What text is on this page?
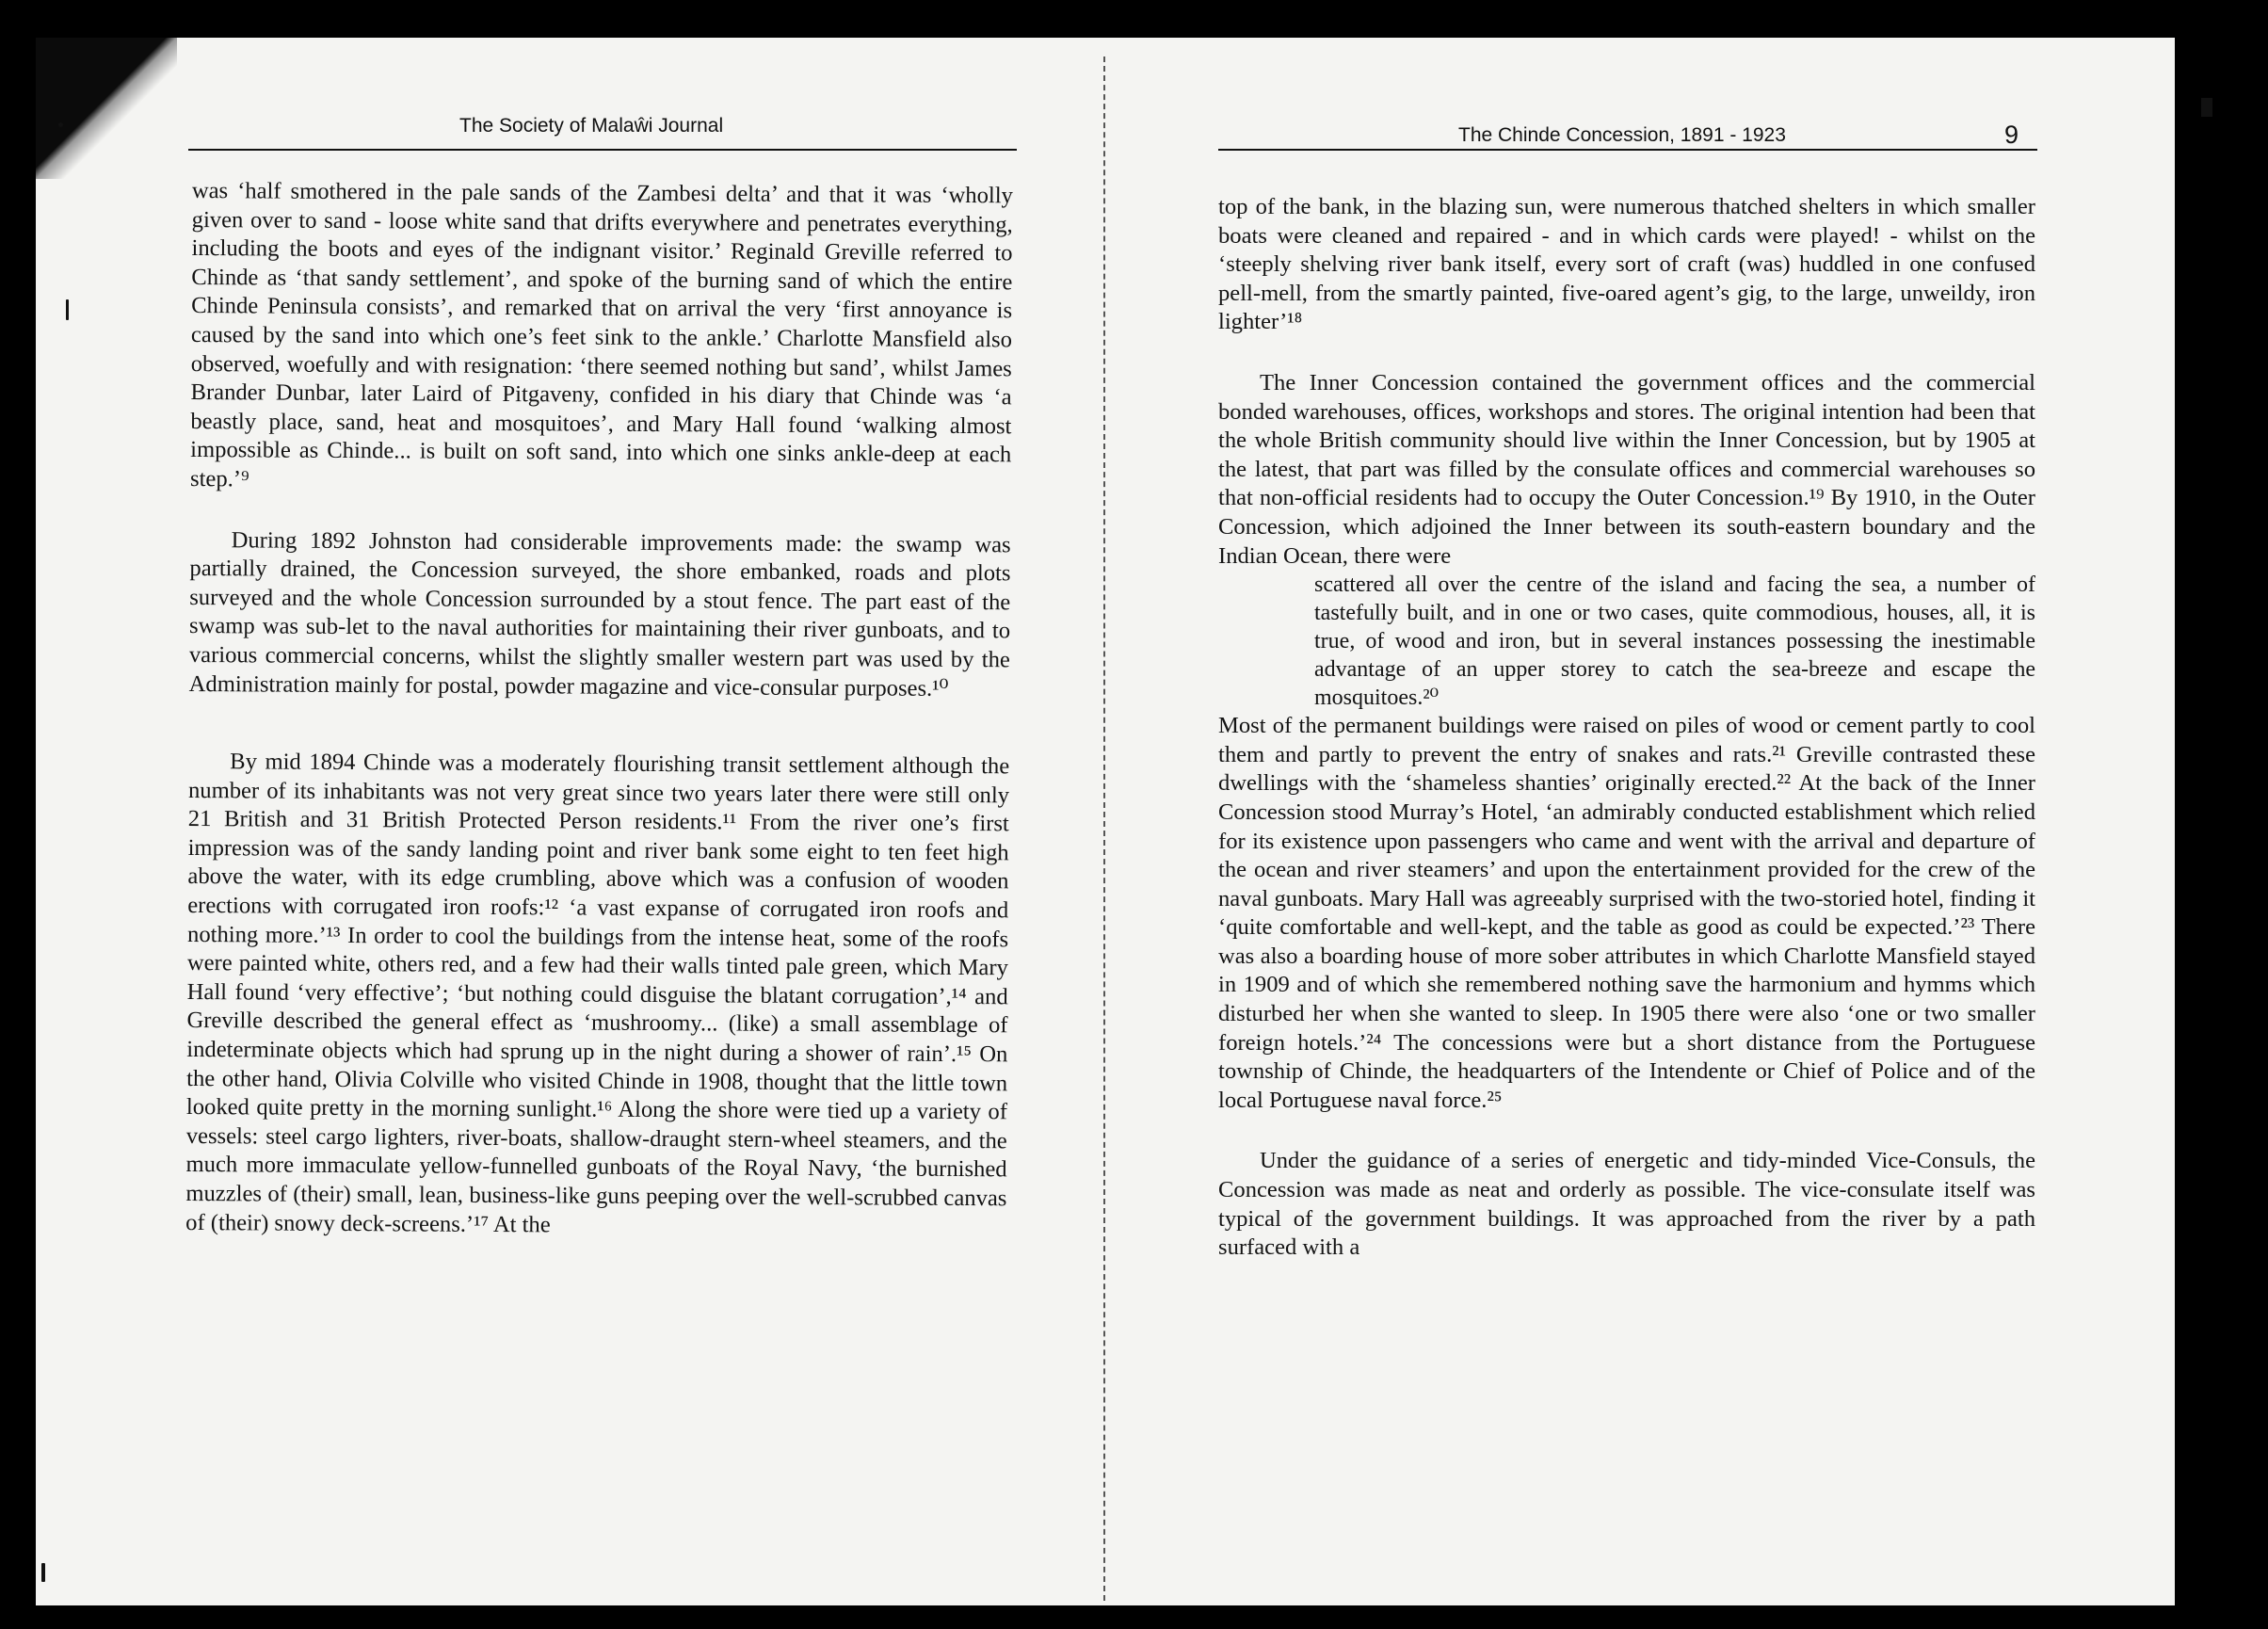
The Society of Malaŵi Journal

was ‘half smothered in the pale sands of the Zambesi delta’ and that it was ‘wholly given over to sand - loose white sand that drifts everywhere and penetrates everything, including the boots and eyes of the indignant visitor.’ Reginald Greville referred to Chinde as ‘that sandy settlement’, and spoke of the burning sand of which the entire Chinde Peninsula consists’, and remarked that on arrival the very ‘first annoyance is caused by the sand into which one’s feet sink to the ankle.’ Charlotte Mansfield also observed, woefully and with resignation: ‘there seemed nothing but sand’, whilst James Brander Dunbar, later Laird of Pitgaveny, confided in his diary that Chinde was ‘a beastly place, sand, heat and mosquitoes’, and Mary Hall found ‘walking almost impossible as Chinde... is built on soft sand, into which one sinks ankle-deep at each step.’⁹

During 1892 Johnston had considerable improvements made: the swamp was partially drained, the Concession surveyed, the shore embanked, roads and plots surveyed and the whole Concession surrounded by a stout fence. The part east of the swamp was sub-let to the naval authorities for maintaining their river gunboats, and to various commercial concerns, whilst the slightly smaller western part was used by the Administration mainly for postal, powder magazine and vice-consular purposes.¹⁰

By mid 1894 Chinde was a moderately flourishing transit settlement although the number of its inhabitants was not very great since two years later there were still only 21 British and 31 British Protected Person residents.¹¹ From the river one’s first impression was of the sandy landing point and river bank some eight to ten feet high above the water, with its edge crumbling, above which was a confusion of wooden erections with corrugated iron roofs:¹² ‘a vast expanse of corrugated iron roofs and nothing more.’¹³ In order to cool the buildings from the intense heat, some of the roofs were painted white, others red, and a few had their walls tinted pale green, which Mary Hall found ‘very effective’; ‘but nothing could disguise the blatant corrugation’,¹⁴ and Greville described the general effect as ‘mushroomy... (like) a small assemblage of indeterminate objects which had sprung up in the night during a shower of rain’.¹⁵ On the other hand, Olivia Colville who visited Chinde in 1908, thought that the little town looked quite pretty in the morning sunlight.¹⁶ Along the shore were tied up a variety of vessels: steel cargo lighters, river-boats, shallow-draught stern-wheel steamers, and the much more immaculate yellow-funnelled gunboats of the Royal Navy, ‘the burnished muzzles of (their) small, lean, business-like guns peeping over the well-scrubbed canvas of (their) snowy deck-screens.’¹⁷ At the

The Chinde Concession, 1891 - 1923	9

top of the bank, in the blazing sun, were numerous thatched shelters in which smaller boats were cleaned and repaired - and in which cards were played! - whilst on the ‘steeply shelving river bank itself, every sort of craft (was) huddled in one confused pell-mell, from the smartly painted, five-oared agent’s gig, to the large, unweildy, iron lighter’¹⁸

The Inner Concession contained the government offices and the commercial bonded warehouses, offices, workshops and stores. The original intention had been that the whole British community should live within the Inner Concession, but by 1905 at the latest, that part was filled by the consulate offices and commercial warehouses so that non-official residents had to occupy the Outer Concession.¹⁹ By 1910, in the Outer Concession, which adjoined the Inner between its south-eastern boundary and the Indian Ocean, there were

scattered all over the centre of the island and facing the sea, a number of tastefully built, and in one or two cases, quite commodious, houses, all, it is true, of wood and iron, but in several instances possessing the inestimable advantage of an upper storey to catch the sea-breeze and escape the mosquitoes.²⁰

Most of the permanent buildings were raised on piles of wood or cement partly to cool them and partly to prevent the entry of snakes and rats.²¹ Greville contrasted these dwellings with the ‘shameless shanties’ originally erected.²² At the back of the Inner Concession stood Murray’s Hotel, ‘an admirably conducted establishment which relied for its existence upon passengers who came and went with the arrival and departure of the ocean and river steamers’ and upon the entertainment provided for the crew of the naval gunboats. Mary Hall was agreeably surprised with the two-storied hotel, finding it ‘quite comfortable and well-kept, and the table as good as could be expected.’²³ There was also a boarding house of more sober attributes in which Charlotte Mansfield stayed in 1909 and of which she remembered nothing save the harmonium and hymms which disturbed her when she wanted to sleep. In 1905 there were also ‘one or two smaller foreign hotels.’²⁴ The concessions were but a short distance from the Portuguese township of Chinde, the headquarters of the Intendente or Chief of Police and of the local Portuguese naval force.²⁵

Under the guidance of a series of energetic and tidy-minded Vice-Consuls, the Concession was made as neat and orderly as possible. The vice-consulate itself was typical of the government buildings. It was approached from the river by a path surfaced with a
